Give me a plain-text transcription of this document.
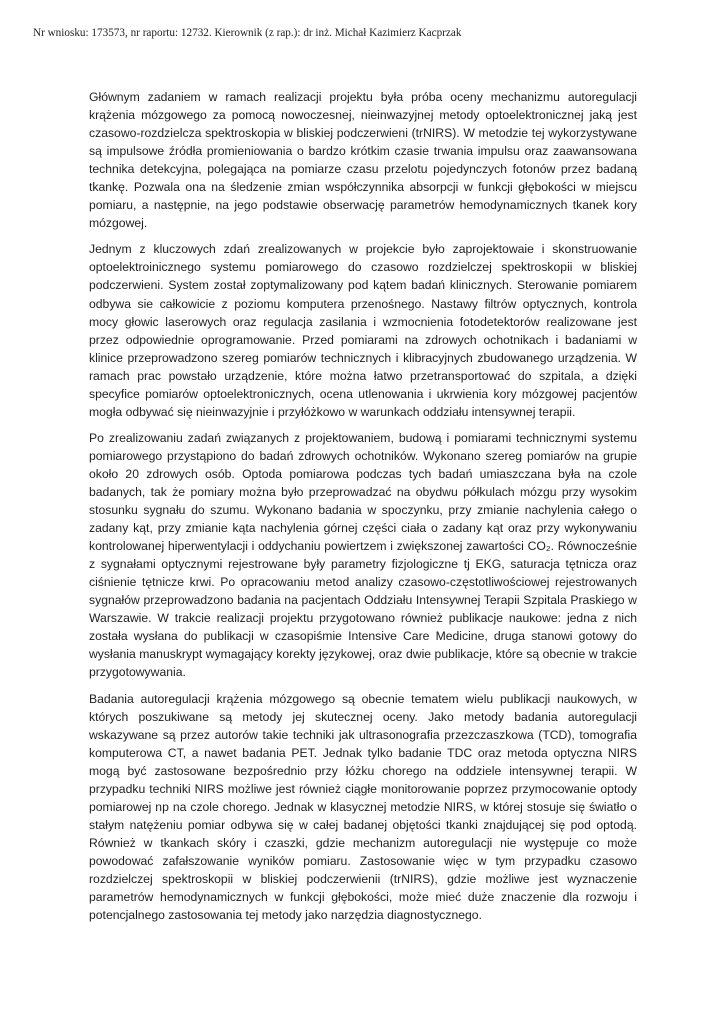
Nr wniosku: 173573, nr raportu: 12732. Kierownik (z rap.): dr inż. Michał Kazimierz Kacprzak

Głównym zadaniem w ramach realizacji projektu była próba oceny mechanizmu autoregulacji krążenia mózgowego za pomocą nowoczesnej, nieinwazyjnej metody optoelektronicznej jaką jest czasowo-rozdzielcza spektroskopia w bliskiej podczerwieni (trNIRS). W metodzie tej wykorzystywane są impulsowe źródła promieniowania o bardzo krótkim czasie trwania impulsu oraz zaawansowana technika detekcyjna, polegająca na pomiarze czasu przelotu pojedynczych fotonów przez badaną tkankę. Pozwala ona na śledzenie zmian współczynnika absorpcji w funkcji głębokości w miejscu pomiaru, a następnie, na jego podstawie obserwację parametrów hemodynamicznych tkanek kory mózgowej.

Jednym z kluczowych zdań zrealizowanych w projekcie było zaprojektowaie i skonstruowanie optoelektroinicznego systemu pomiarowego do czasowo rozdzielczej spektroskopii w bliskiej podczerwieni. System został zoptymalizowany pod kątem badań klinicznych. Sterowanie pomiarem odbywa sie całkowicie z poziomu komputera przenośnego. Nastawy filtrów optycznych, kontrola mocy głowic laserowych oraz regulacja zasilania i wzmocnienia fotodetektorów realizowane jest przez odpowiednie oprogramowanie. Przed pomiarami na zdrowych ochotnikach i badaniami w klinice przeprowadzono szereg pomiarów technicznych i klibracyjnych zbudowanego urządzenia. W ramach prac powstało urządzenie, które można łatwo przetransportować do szpitala, a dzięki specyfice pomiarów optoelektronicznych, ocena utlenowania i ukrwienia kory mózgowej pacjentów mogła odbywać się nieinwazyjnie i przyłóżkowo w warunkach oddziału intensywnej terapii.

Po zrealizowaniu zadań związanych z projektowaniem, budową i pomiarami technicznymi systemu pomiarowego przystąpiono do badań zdrowych ochotników. Wykonano szereg pomiarów na grupie około 20 zdrowych osób. Optoda pomiarowa podczas tych badań umiaszczana była na czole badanych, tak że pomiary można było przeprowadzać na obydwu półkulach mózgu przy wysokim stosunku sygnału do szumu. Wykonano badania w spoczynku, przy zmianie nachylenia całego o zadany kąt, przy zmianie kąta nachylenia górnej części ciała o zadany kąt oraz przy wykonywaniu kontrolowanej hiperwentylacji i oddychaniu powiertzem i zwiększonej zawartości CO₂. Równocześnie z sygnałami optycznymi rejestrowane były parametry fizjologiczne tj EKG, saturacja tętnicza oraz ciśnienie tętnicze krwi. Po opracowaniu metod analizy czasowo-częstotliwościowej rejestrowanych sygnałów przeprowadzono badania na pacjentach Oddziału Intensywnej Terapii Szpitala Praskiego w Warszawie. W trakcie realizacji projektu przygotowano również publikacje naukowe: jedna z nich została wysłana do publikacji w czasopiśmie Intensive Care Medicine, druga stanowi gotowy do wysłania manuskrypt wymagający korekty językowej, oraz dwie publikacje, które są obecnie w trakcie przygotowywania.

Badania autoregulacji krążenia mózgowego są obecnie tematem wielu publikacji naukowych, w których poszukiwane są metody jej skutecznej oceny. Jako metody badania autoregulacji wskazywane są przez autorów takie techniki jak ultrasonografia przezczaszkowa (TCD), tomografia komputerowa CT, a nawet badania PET. Jednak tylko badanie TDC oraz metoda optyczna NIRS mogą być zastosowane bezpośrednio przy łóżku chorego na oddziele intensywnej terapii. W przypadku techniki NIRS możliwe jest również ciągłe monitorowanie poprzez przymocowanie optody pomiarowej np na czole chorego. Jednak w klasycznej metodzie NIRS, w której stosuje się światło o stałym natężeniu pomiar odbywa się w całej badanej objętości tkanki znajdującej się pod optodą. Również w tkankach skóry i czaszki, gdzie mechanizm autoregulacji nie występuje co może powodować zafałszowanie wyników pomiaru. Zastosowanie więc w tym przypadku czasowo rozdzielczej spektroskopii w bliskiej podczerwienii (trNIRS), gdzie możliwe jest wyznaczenie parametrów hemodynamicznych w funkcji głębokości, może mieć duże znaczenie dla rozwoju i potencjalnego zastosowania tej metody jako narzędzia diagnostycznego.
